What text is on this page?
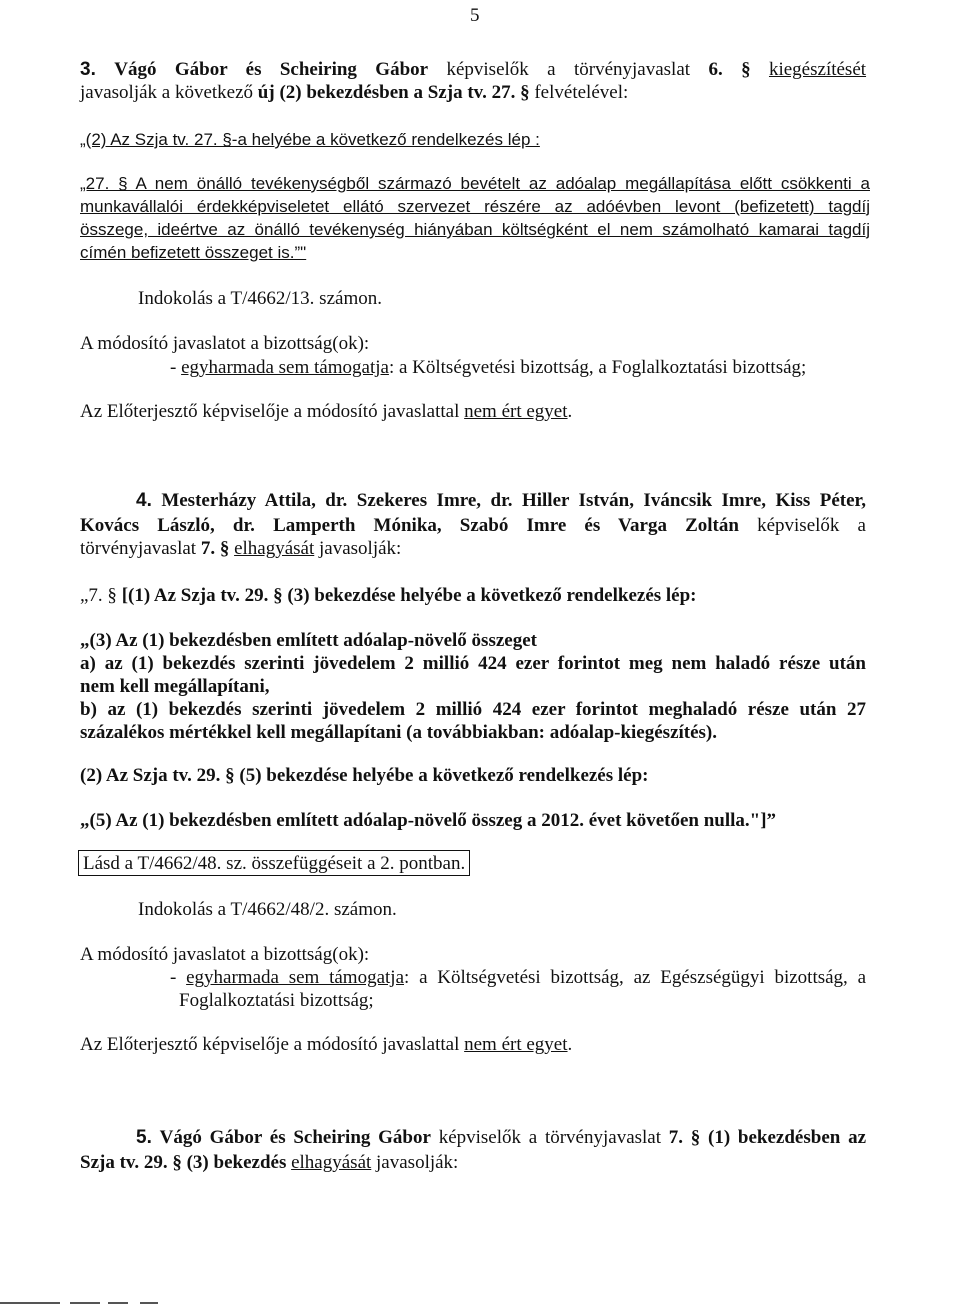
5
3. Vágó Gábor és Scheiring Gábor képviselők a törvényjavaslat 6. § kiegészítését
javasolják a következő új (2) bekezdésben a Szja tv. 27. § felvételével:
„(2) Az Szja tv. 27. §-a helyébe a következő rendelkezés lép :
„27. § A nem önálló tevékenységből származó bevételt az adóalap megállapítása előtt csökkenti a
munkavállalói érdekképviseletet ellátó szervezet részére az adóévben levont (befizetett) tagdíj
összege, ideértve az önálló tevékenység hiányában költségként el nem számolható kamarai tagdíj
címén befizetett összeget is.”"
Indokolás a T/4662/13. számon.
A módosító javaslatot a bizottság(ok):
- egyharmada sem támogatja: a Költségvetési bizottság, a Foglalkoztatási bizottság;
Az Előterjesztő képviselője a módosító javaslattal nem ért egyet.
4. Mesterházy Attila, dr. Szekeres Imre, dr. Hiller István, Iváncsik Imre, Kiss Péter,
Kovács László, dr. Lamperth Mónika, Szabó Imre és Varga Zoltán képviselők a
törvényjavaslat 7. § elhagyását javasolják:
„7. § [(1) Az Szja tv. 29. § (3) bekezdése helyébe a következő rendelkezés lép:
„(3) Az (1) bekezdésben említett adóalap-növelő összeget
a) az (1) bekezdés szerinti jövedelem 2 millió 424 ezer forintot meg nem haladó része után
nem kell megállapítani,
b) az (1) bekezdés szerinti jövedelem 2 millió 424 ezer forintot meghaladó része után 27
százalékos mértékkel kell megállapítani (a továbbiakban: adóalap-kiegészítés).
(2) Az Szja tv. 29. § (5) bekezdése helyébe a következő rendelkezés lép:
„(5) Az (1) bekezdésben említett adóalap-növelő összeg a 2012. évet követően nulla."]”
Lásd a T/4662/48. sz. összefüggéseit a 2. pontban.
Indokolás a T/4662/48/2. számon.
A módosító javaslatot a bizottság(ok):
- egyharmada sem támogatja: a Költségvetési bizottság, az Egészségügyi bizottság, a
Foglalkoztatási bizottság;
Az Előterjesztő képviselője a módosító javaslattal nem ért egyet.
5. Vágó Gábor és Scheiring Gábor képviselők a törvényjavaslat 7. § (1) bekezdésben az
Szja tv. 29. § (3) bekezdés elhagyását javasolják:
